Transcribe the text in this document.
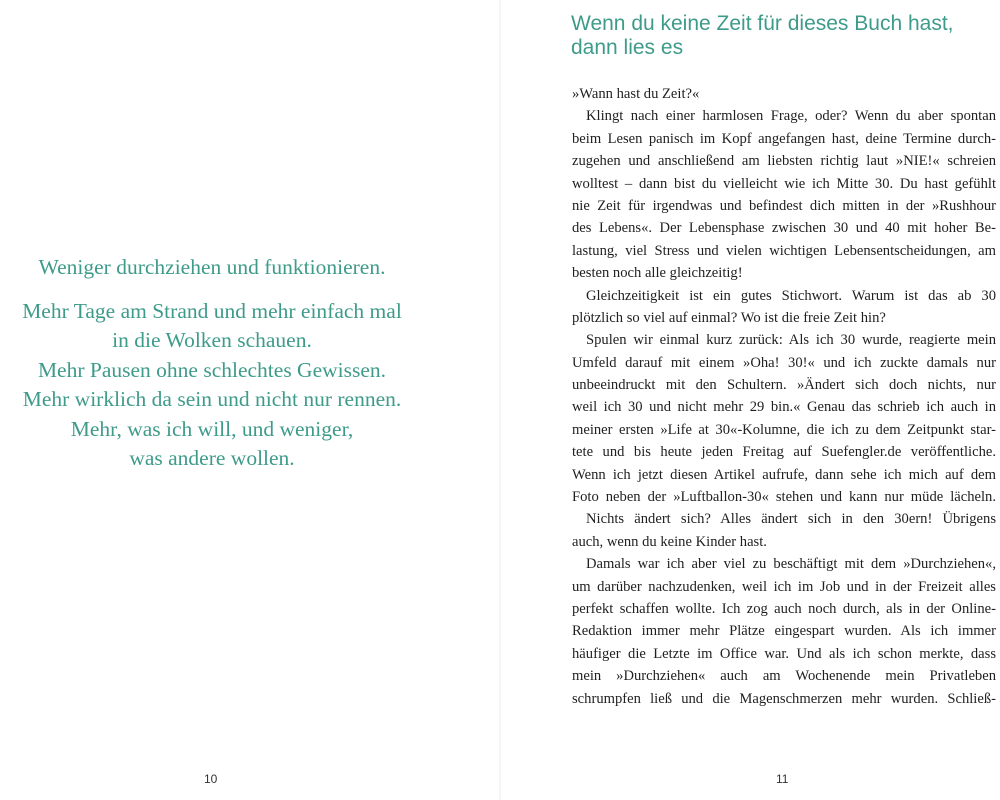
Weniger durchziehen und funktionieren.
Mehr Tage am Strand und mehr einfach mal
in die Wolken schauen.
Mehr Pausen ohne schlechtes Gewissen.
Mehr wirklich da sein und nicht nur rennen.
Mehr, was ich will, und weniger,
was andere wollen.
10
Wenn du keine Zeit für dieses Buch hast,
dann lies es
»Wann hast du Zeit?«
Klingt nach einer harmlosen Frage, oder? Wenn du aber spontan
beim Lesen panisch im Kopf angefangen hast, deine Termine durch-
zugehen und anschließend am liebsten richtig laut »NIE!« schreien
wolltest – dann bist du vielleicht wie ich Mitte 30. Du hast gefühlt
nie Zeit für irgendwas und befindest dich mitten in der »Rushhour
des Lebens«. Der Lebensphase zwischen 30 und 40 mit hoher Be-
lastung, viel Stress und vielen wichtigen Lebensentscheidungen, am
besten noch alle gleichzeitig!
Gleichzeitigkeit ist ein gutes Stichwort. Warum ist das ab 30
plötzlich so viel auf einmal? Wo ist die freie Zeit hin?
Spulen wir einmal kurz zurück: Als ich 30 wurde, reagierte mein
Umfeld darauf mit einem »Oha! 30!« und ich zuckte damals nur
unbeeindruckt mit den Schultern. »Ändert sich doch nichts, nur
weil ich 30 und nicht mehr 29 bin.« Genau das schrieb ich auch in
meiner ersten »Life at 30«-Kolumne, die ich zu dem Zeitpunkt star-
tete und bis heute jeden Freitag auf Suefengler.de veröffentliche.
Wenn ich jetzt diesen Artikel aufrufe, dann sehe ich mich auf dem
Foto neben der »Luftballon-30« stehen und kann nur müde lächeln.
Nichts ändert sich? Alles ändert sich in den 30ern! Übrigens
auch, wenn du keine Kinder hast.
Damals war ich aber viel zu beschäftigt mit dem »Durchziehen«,
um darüber nachzudenken, weil ich im Job und in der Freizeit alles
perfekt schaffen wollte. Ich zog auch noch durch, als in der Online-
Redaktion immer mehr Plätze eingespart wurden. Als ich immer
häufiger die Letzte im Office war. Und als ich schon merkte, dass
mein »Durchziehen« auch am Wochenende mein Privatleben
schrumpfen ließ und die Magenschmerzen mehr wurden. Schließ-
11
